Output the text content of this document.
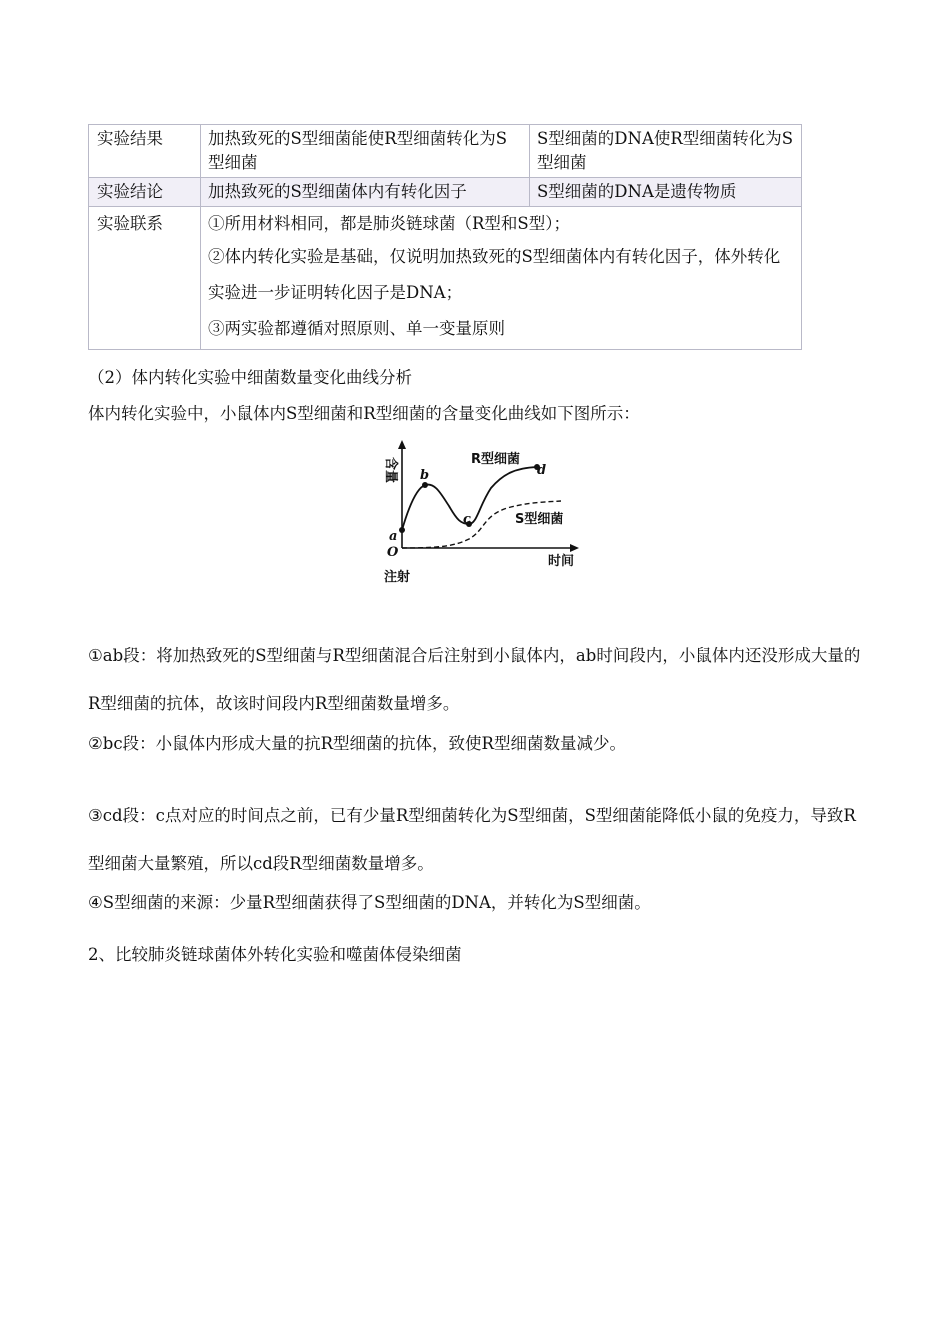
实验结果	加热致死的S型细菌能使R型细菌转化为S型细菌	S型细菌的DNA使R型细菌转化为S型细菌
实验结论	加热致死的S型细菌体内有转化因子	S型细菌的DNA是遗传物质
实验联系	①所用材料相同，都是肺炎链球菌（R型和S型）；
②体内转化实验是基础，仅说明加热致死的S型细菌体内有转化因子，体外转化实验进一步证明转化因子是DNA；
③两实验都遵循对照原则、单一变量原则	
（2）体内转化实验中细菌数量变化曲线分析
体内转化实验中，小鼠体内S型细菌和R型细菌的含量变化曲线如下图所示：
a
b
c
d
R型细菌
S型细菌
O
注射
时间
含量
①ab段：将加热致死的S型细菌与R型细菌混合后注射到小鼠体内，ab时间段内，小鼠体内还没形成大量的R型细菌的抗体，故该时间段内R型细菌数量增多。
②bc段：小鼠体内形成大量的抗R型细菌的抗体，致使R型细菌数量减少。
③cd段：c点对应的时间点之前，已有少量R型细菌转化为S型细菌，S型细菌能降低小鼠的免疫力，导致R型细菌大量繁殖，所以cd段R型细菌数量增多。
④S型细菌的来源：少量R型细菌获得了S型细菌的DNA，并转化为S型细菌。
2、比较肺炎链球菌体外转化实验和噬菌体侵染细菌
